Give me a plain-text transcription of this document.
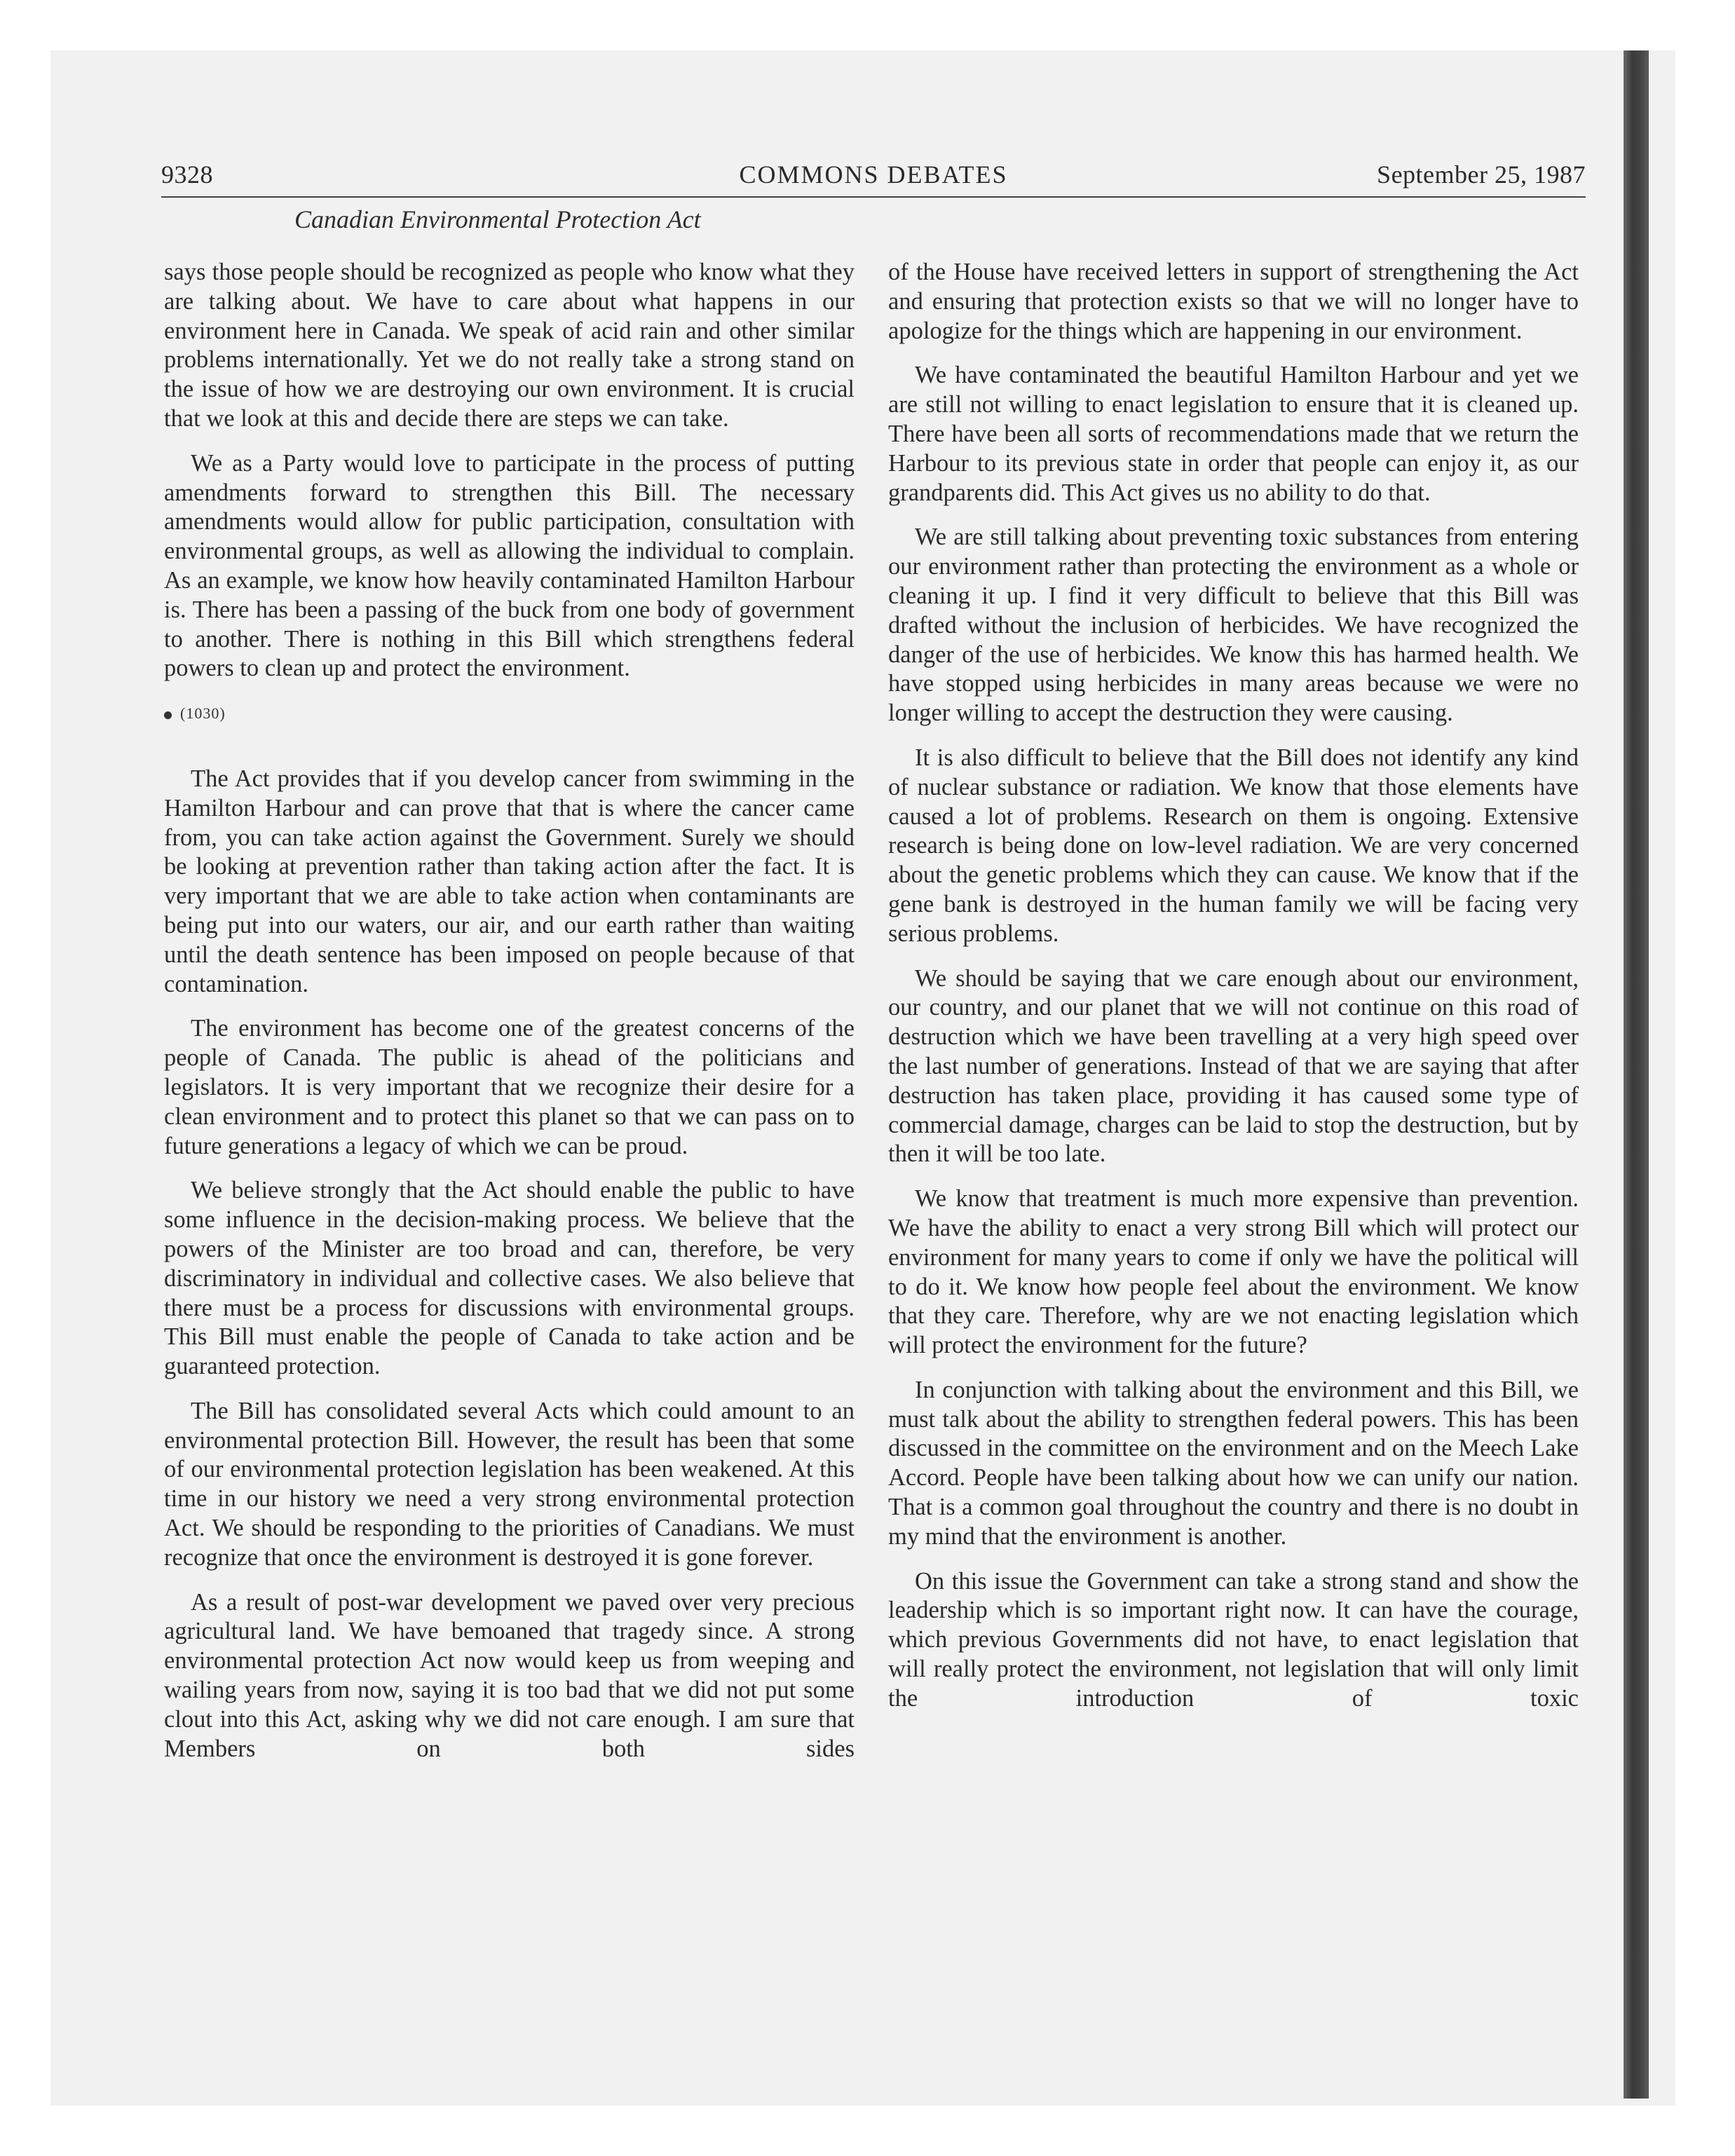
9328	COMMONS DEBATES	September 25, 1987
Canadian Environmental Protection Act

says those people should be recognized as people who know what they are talking about. We have to care about what happens in our environment here in Canada. We speak of acid rain and other similar problems internationally. Yet we do not really take a strong stand on the issue of how we are destroying our own environment. It is crucial that we look at this and decide there are steps we can take.

We as a Party would love to participate in the process of putting amendments forward to strengthen this Bill. The necessary amendments would allow for public participation, consultation with environmental groups, as well as allowing the individual to complain. As an example, we know how heavily contaminated Hamilton Harbour is. There has been a passing of the buck from one body of government to another. There is nothing in this Bill which strengthens federal powers to clean up and protect the environment.

(1030)

The Act provides that if you develop cancer from swimming in the Hamilton Harbour and can prove that that is where the cancer came from, you can take action against the Government. Surely we should be looking at prevention rather than taking action after the fact. It is very important that we are able to take action when contaminants are being put into our waters, our air, and our earth rather than waiting until the death sentence has been imposed on people because of that contamination.

The environment has become one of the greatest concerns of the people of Canada. The public is ahead of the politicians and legislators. It is very important that we recognize their desire for a clean environment and to protect this planet so that we can pass on to future generations a legacy of which we can be proud.

We believe strongly that the Act should enable the public to have some influence in the decision-making process. We believe that the powers of the Minister are too broad and can, therefore, be very discriminatory in individual and collective cases. We also believe that there must be a process for discussions with environmental groups. This Bill must enable the people of Canada to take action and be guaranteed protection.

The Bill has consolidated several Acts which could amount to an environmental protection Bill. However, the result has been that some of our environmental protection legislation has been weakened. At this time in our history we need a very strong environmental protection Act. We should be responding to the priorities of Canadians. We must recognize that once the environment is destroyed it is gone forever.

As a result of post-war development we paved over very precious agricultural land. We have bemoaned that tragedy since. A strong environmental protection Act now would keep us from weeping and wailing years from now, saying it is too bad that we did not put some clout into this Act, asking why we did not care enough. I am sure that Members on both sides

of the House have received letters in support of strengthening the Act and ensuring that protection exists so that we will no longer have to apologize for the things which are happening in our environment.

We have contaminated the beautiful Hamilton Harbour and yet we are still not willing to enact legislation to ensure that it is cleaned up. There have been all sorts of recommendations made that we return the Harbour to its previous state in order that people can enjoy it, as our grandparents did. This Act gives us no ability to do that.

We are still talking about preventing toxic substances from entering our environment rather than protecting the environment as a whole or cleaning it up. I find it very difficult to believe that this Bill was drafted without the inclusion of herbicides. We have recognized the danger of the use of herbicides. We know this has harmed health. We have stopped using herbicides in many areas because we were no longer willing to accept the destruction they were causing.

It is also difficult to believe that the Bill does not identify any kind of nuclear substance or radiation. We know that those elements have caused a lot of problems. Research on them is ongoing. Extensive research is being done on low-level radiation. We are very concerned about the genetic problems which they can cause. We know that if the gene bank is destroyed in the human family we will be facing very serious problems.

We should be saying that we care enough about our environment, our country, and our planet that we will not continue on this road of destruction which we have been travelling at a very high speed over the last number of generations. Instead of that we are saying that after destruction has taken place, providing it has caused some type of commercial damage, charges can be laid to stop the destruction, but by then it will be too late.

We know that treatment is much more expensive than prevention. We have the ability to enact a very strong Bill which will protect our environment for many years to come if only we have the political will to do it. We know how people feel about the environment. We know that they care. Therefore, why are we not enacting legislation which will protect the environment for the future?

In conjunction with talking about the environment and this Bill, we must talk about the ability to strengthen federal powers. This has been discussed in the committee on the environment and on the Meech Lake Accord. People have been talking about how we can unify our nation. That is a common goal throughout the country and there is no doubt in my mind that the environment is another.

On this issue the Government can take a strong stand and show the leadership which is so important right now. It can have the courage, which previous Governments did not have, to enact legislation that will really protect the environment, not legislation that will only limit the introduction of toxic
